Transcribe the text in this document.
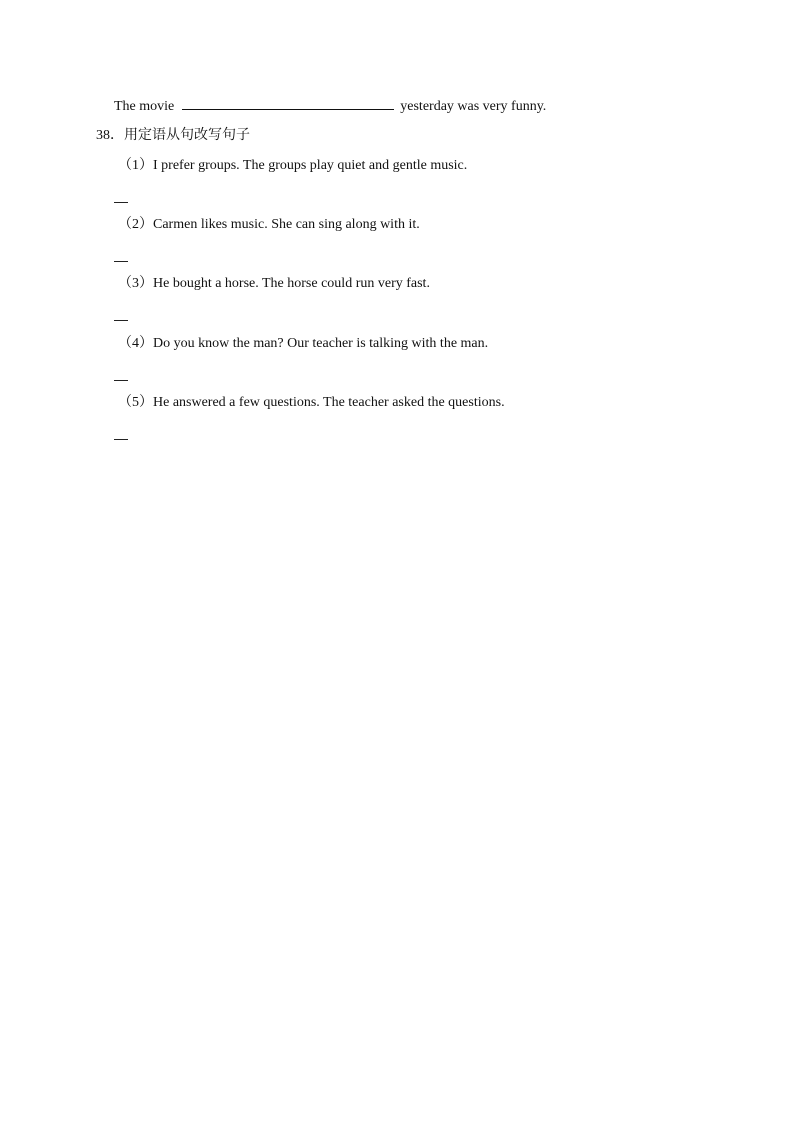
The movie	yesterday was very funny.
38．用定语从句改写句子
（1）I prefer groups. The groups play quiet and gentle music.
（2）Carmen likes music. She can sing along with it.
（3）He bought a horse. The horse could run very fast.
（4）Do you know the man? Our teacher is talking with the man.
（5）He answered a few questions. The teacher asked the questions.
